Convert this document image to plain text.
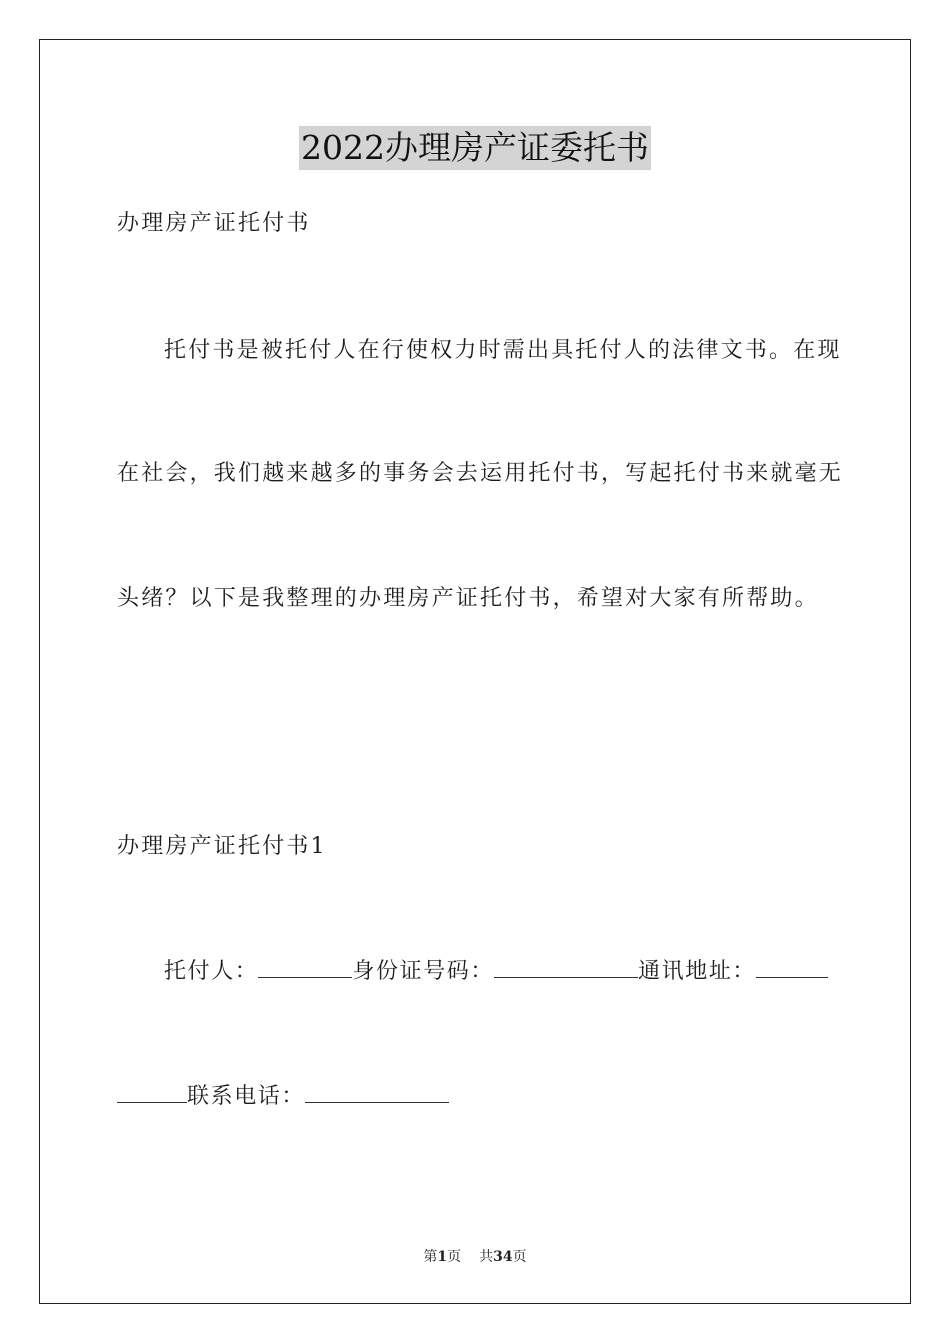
2022办理房产证委托书
办理房产证托付书
托付书是被托付人在行使权力时需出具托付人的法律文书。在现
在社会，我们越来越多的事务会去运用托付书，写起托付书来就毫无
头绪？以下是我整理的办理房产证托付书，希望对大家有所帮助。
办理房产证托付书1
托付人：	身份证号码：	通讯地址：
联系电话：
第1页 共34页
